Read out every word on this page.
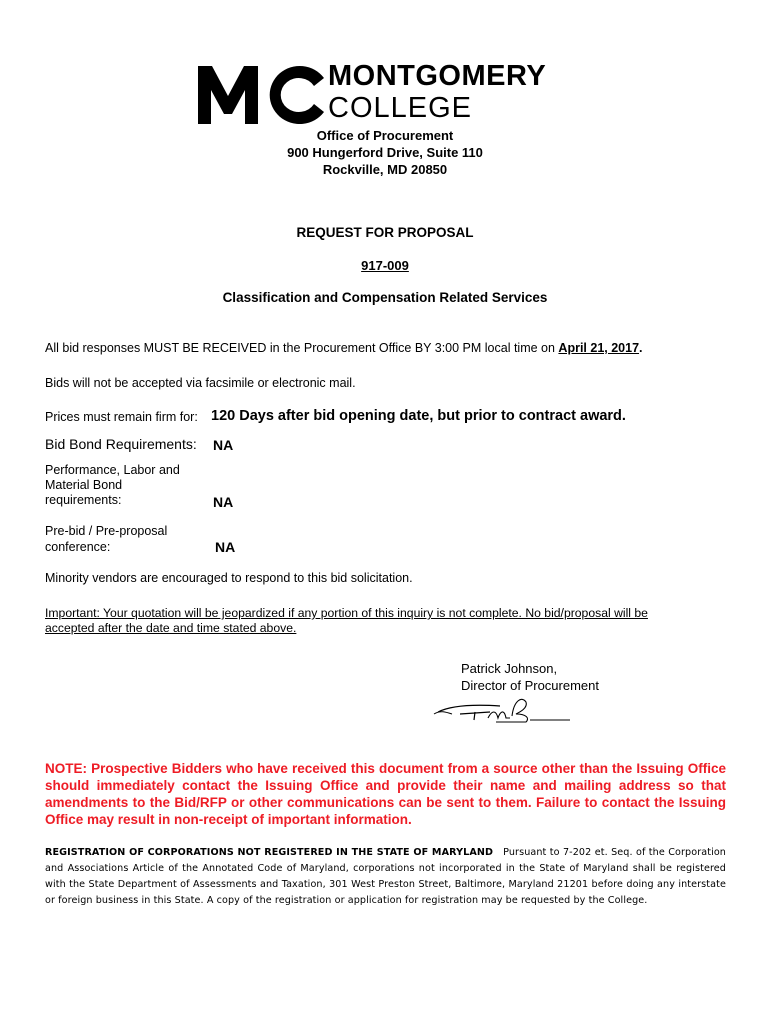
MONTGOMERY
COLLEGE
Office of Procurement
900 Hungerford Drive, Suite 110
Rockville, MD 20850
REQUEST FOR PROPOSAL
917-009
Classification and Compensation Related Services
All bid responses MUST BE RECEIVED in the Procurement Office BY 3:00 PM local time on April 21, 2017.
Bids will not be accepted via facsimile or electronic mail.
Prices must remain firm for: 120 Days after bid opening date, but prior to contract award.
Bid Bond Requirements: NA
Performance, Labor and
Material Bond
requirements:	NA
Pre-bid / Pre-proposal
conference:	NA
Minority vendors are encouraged to respond to this bid solicitation.
Important: Your quotation will be jeopardized if any portion of this inquiry is not complete. No bid/proposal will be
accepted after the date and time stated above.
Patrick Johnson,
Director of Procurement
NOTE: Prospective Bidders who have received this document from a source other than the Issuing Office should immediately contact the Issuing Office and provide their name and mailing address so that amendments to the Bid/RFP or other communications can be sent to them. Failure to contact the Issuing Office may result in non-receipt of important information.
REGISTRATION OF CORPORATIONS NOT REGISTERED IN THE STATE OF MARYLAND Pursuant to 7-202 et. Seq. of the Corporation and Associations Article of the Annotated Code of Maryland, corporations not incorporated in the State of Maryland shall be registered with the State Department of Assessments and Taxation, 301 West Preston Street, Baltimore, Maryland 21201 before doing any interstate or foreign business in this State. A copy of the registration or application for registration may be requested by the College.
